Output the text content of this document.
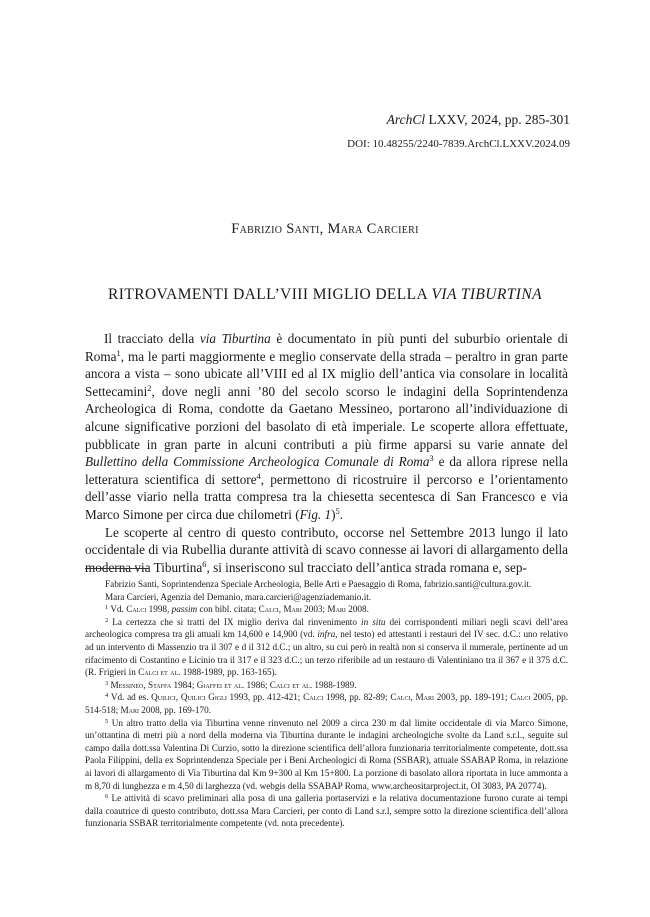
ArchCl LXXV, 2024, pp. 285-301
DOI: 10.48255/2240-7839.ArchCl.LXXV.2024.09
Fabrizio Santi, Mara Carcieri
RITROVAMENTI DALL’VIII MIGLIO DELLA VIA TIBURTINA

Il tracciato della via Tiburtina è documentato in più punti del suburbio orientale di Roma$^1$, ma le parti maggiormente e meglio conservate della strada – peraltro in gran parte ancora a vista – sono ubicate all’VIII ed al IX miglio dell’antica via consolare in località Settecamini$^2$, dove negli anni ’80 del secolo scorso le indagini della Soprintendenza Archeologica di Roma, condotte da Gaetano Messineo, portarono all’individuazione di alcune significative porzioni del basolato di età imperiale. Le scoperte allora effettuate, pubblicate in gran parte in alcuni contributi a più firme apparsi su varie annate del Bullettino della Commissione Archeologica Comunale di Roma$^3$ e da allora riprese nella letteratura scientifica di settore$^4$, permettono di ricostruire il percorso e l’orientamento dell’asse viario nella tratta compresa tra la chiesetta secentesca di San Francesco e via Marco Simone per circa due chilometri (Fig. 1)$^5$.

Le scoperte al centro di questo contributo, occorse nel Settembre 2013 lungo il lato occidentale di via Rubellia durante attività di scavo connesse ai lavori di allargamento della moderna via Tiburtina$^6$, si inseriscono sul tracciato dell’antica strada romana e, sep-

Fabrizio Santi, Soprintendenza Speciale Archeologia, Belle Arti e Paesaggio di Roma, fabrizio.santi@cultura.gov.it.

Mara Carcieri, Agenzia del Demanio, mara.carcieri@agenziademanio.it.

$^1$ Vd. Calci 1998, passim con bibl. citata; Calci, Mari 2003; Mari 2008.

$^2$ La certezza che si tratti del IX miglio deriva dal rinvenimento in situ dei corrispondenti miliari negli scavi dell’area archeologica compresa tra gli attuali km 14,600 e 14,900 (vd. infra, nel testo) ed attestanti i restauri del IV sec. d.C.: uno relativo ad un intervento di Massenzio tra il 307 e d il 312 d.C.; un altro, su cui però in realtà non si conserva il numerale, pertinente ad un rifacimento di Costantino e Licinio tra il 317 e il 323 d.C.; un terzo riferibile ad un restauro di Valentiniano tra il 367 e il 375 d.C. (R. Frigieri in Calci et al. 1988-1989, pp. 163-165).

$^3$ Messineo, Staffa 1984; Giaffei et al. 1986; Calci et al. 1988-1989.

$^4$ Vd. ad es. Quilici, Quilici Gigli 1993, pp. 412-421; Calci 1998, pp. 82-89; Calci, Mari 2003, pp. 189-191; Calci 2005, pp. 514-518; Mari 2008, pp. 169-170.

$^5$ Un altro tratto della via Tiburtina venne rinvenuto nel 2009 a circa 230 m dal limite occidentale di via Marco Simone, un’ottantina di metri più a nord della moderna via Tiburtina durante le indagini archeologiche svolte da Land s.r.l., seguite sul campo dalla dott.ssa Valentina Di Curzio, sotto la direzione scientifica dell’allora funzionaria territorialmente competente, dott.ssa Paola Filippini, della ex Soprintendenza Speciale per i Beni Archeologici di Roma (SSBAR), attuale SSABAP Roma, in relazione ai lavori di allargamento di Via Tiburtina dal Km 9+300 al Km 15+800. La porzione di basolato allora riportata in luce ammonta a m 8,70 di lunghezza e m 4,50 di larghezza (vd. webgis della SSABAP Roma, www.archeositarproject.it, OI 3083, PA 20774).

$^6$ Le attività di scavo preliminari alla posa di una galleria portaservizi e la relativa documentazione furono curate ai tempi dalla coautrice di questo contributo, dott.ssa Mara Carcieri, per conto di Land s.r.l, sempre sotto la direzione scientifica dell’allora funzionaria SSBAR territorialmente competente (vd. nota precedente).
